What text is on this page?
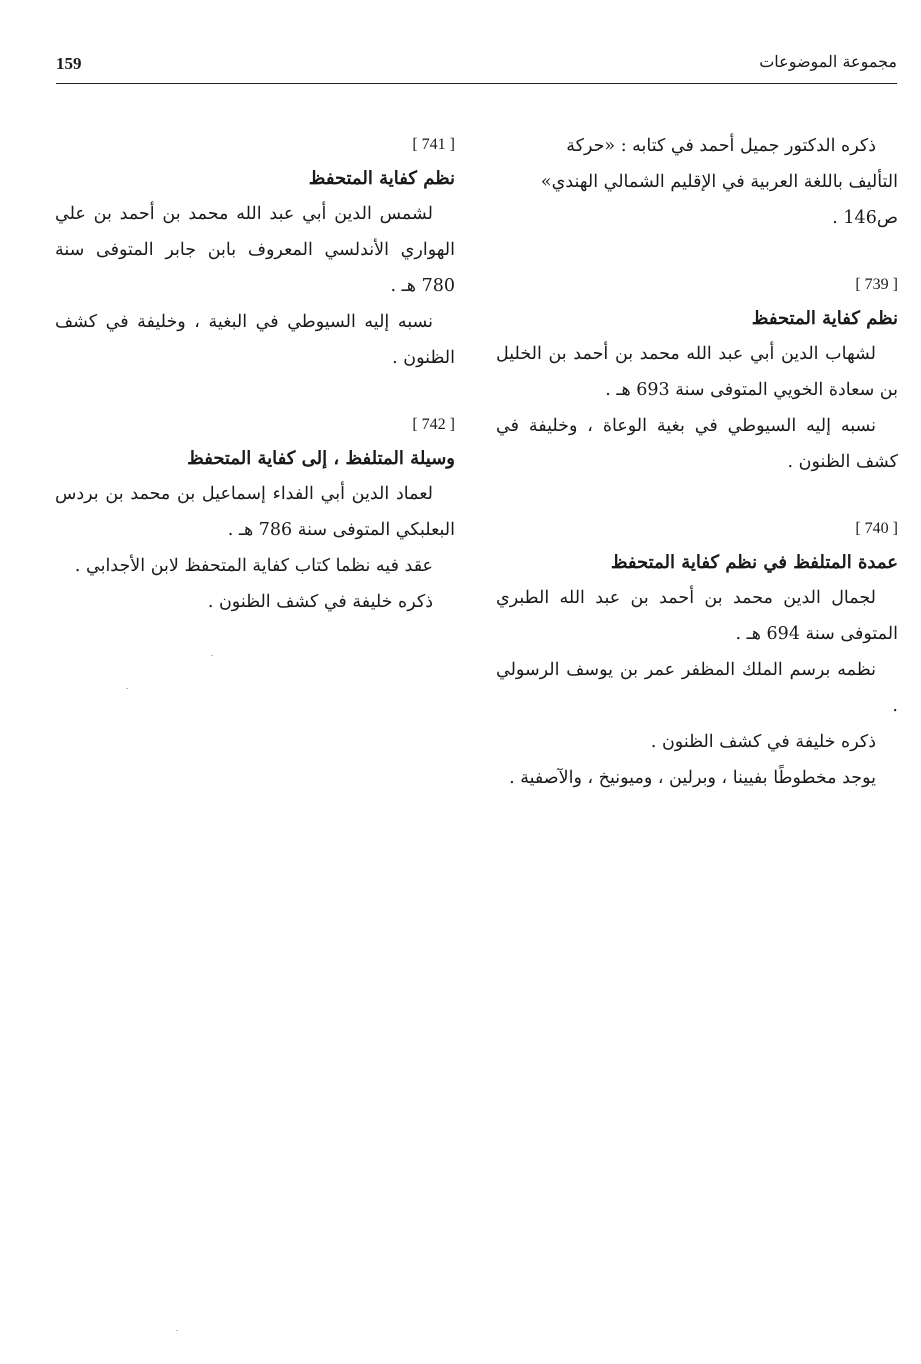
159	مجموعة الموضوعات

ذكره الدكتور جميل أحمد في كتابه : «حركة

التأليف باللغة العربية في الإقليم الشمالي الهندي»

ص146 .

[ 739 ]
نظم كفاية المتحفظ

لشهاب الدين أبي عبد الله محمد بن أحمد بن الخليل بن سعادة الخويي المتوفى سنة 693 هـ .

نسبه إليه السيوطي في بغية الوعاة ، وخليفة في كشف الظنون .

[ 740 ]
عمدة المتلفظ في نظم كفاية المتحفظ

لجمال الدين محمد بن أحمد بن عبد الله الطبري المتوفى سنة 694 هـ .

نظمه برسم الملك المظفر عمر بن يوسف الرسولي .

ذكره خليفة في كشف الظنون .

يوجد مخطوطًا بفيينا ، وبرلين ، وميونيخ ، والآصفية .

[ 741 ]
نظم كفاية المتحفظ

لشمس الدين أبي عبد الله محمد بن أحمد بن علي الهواري الأندلسي المعروف بابن جابر المتوفى سنة 780 هـ .

نسبه إليه السيوطي في البغية ، وخليفة في كشف الظنون .

[ 742 ]
وسيلة المتلفظ ، إلى كفاية المتحفظ

لعماد الدين أبي الفداء إسماعيل بن محمد بن بردس البعلبكي المتوفى سنة 786 هـ .

عقد فيه نظما كتاب كفاية المتحفظ لابن الأجدابي .

ذكره خليفة في كشف الظنون .
